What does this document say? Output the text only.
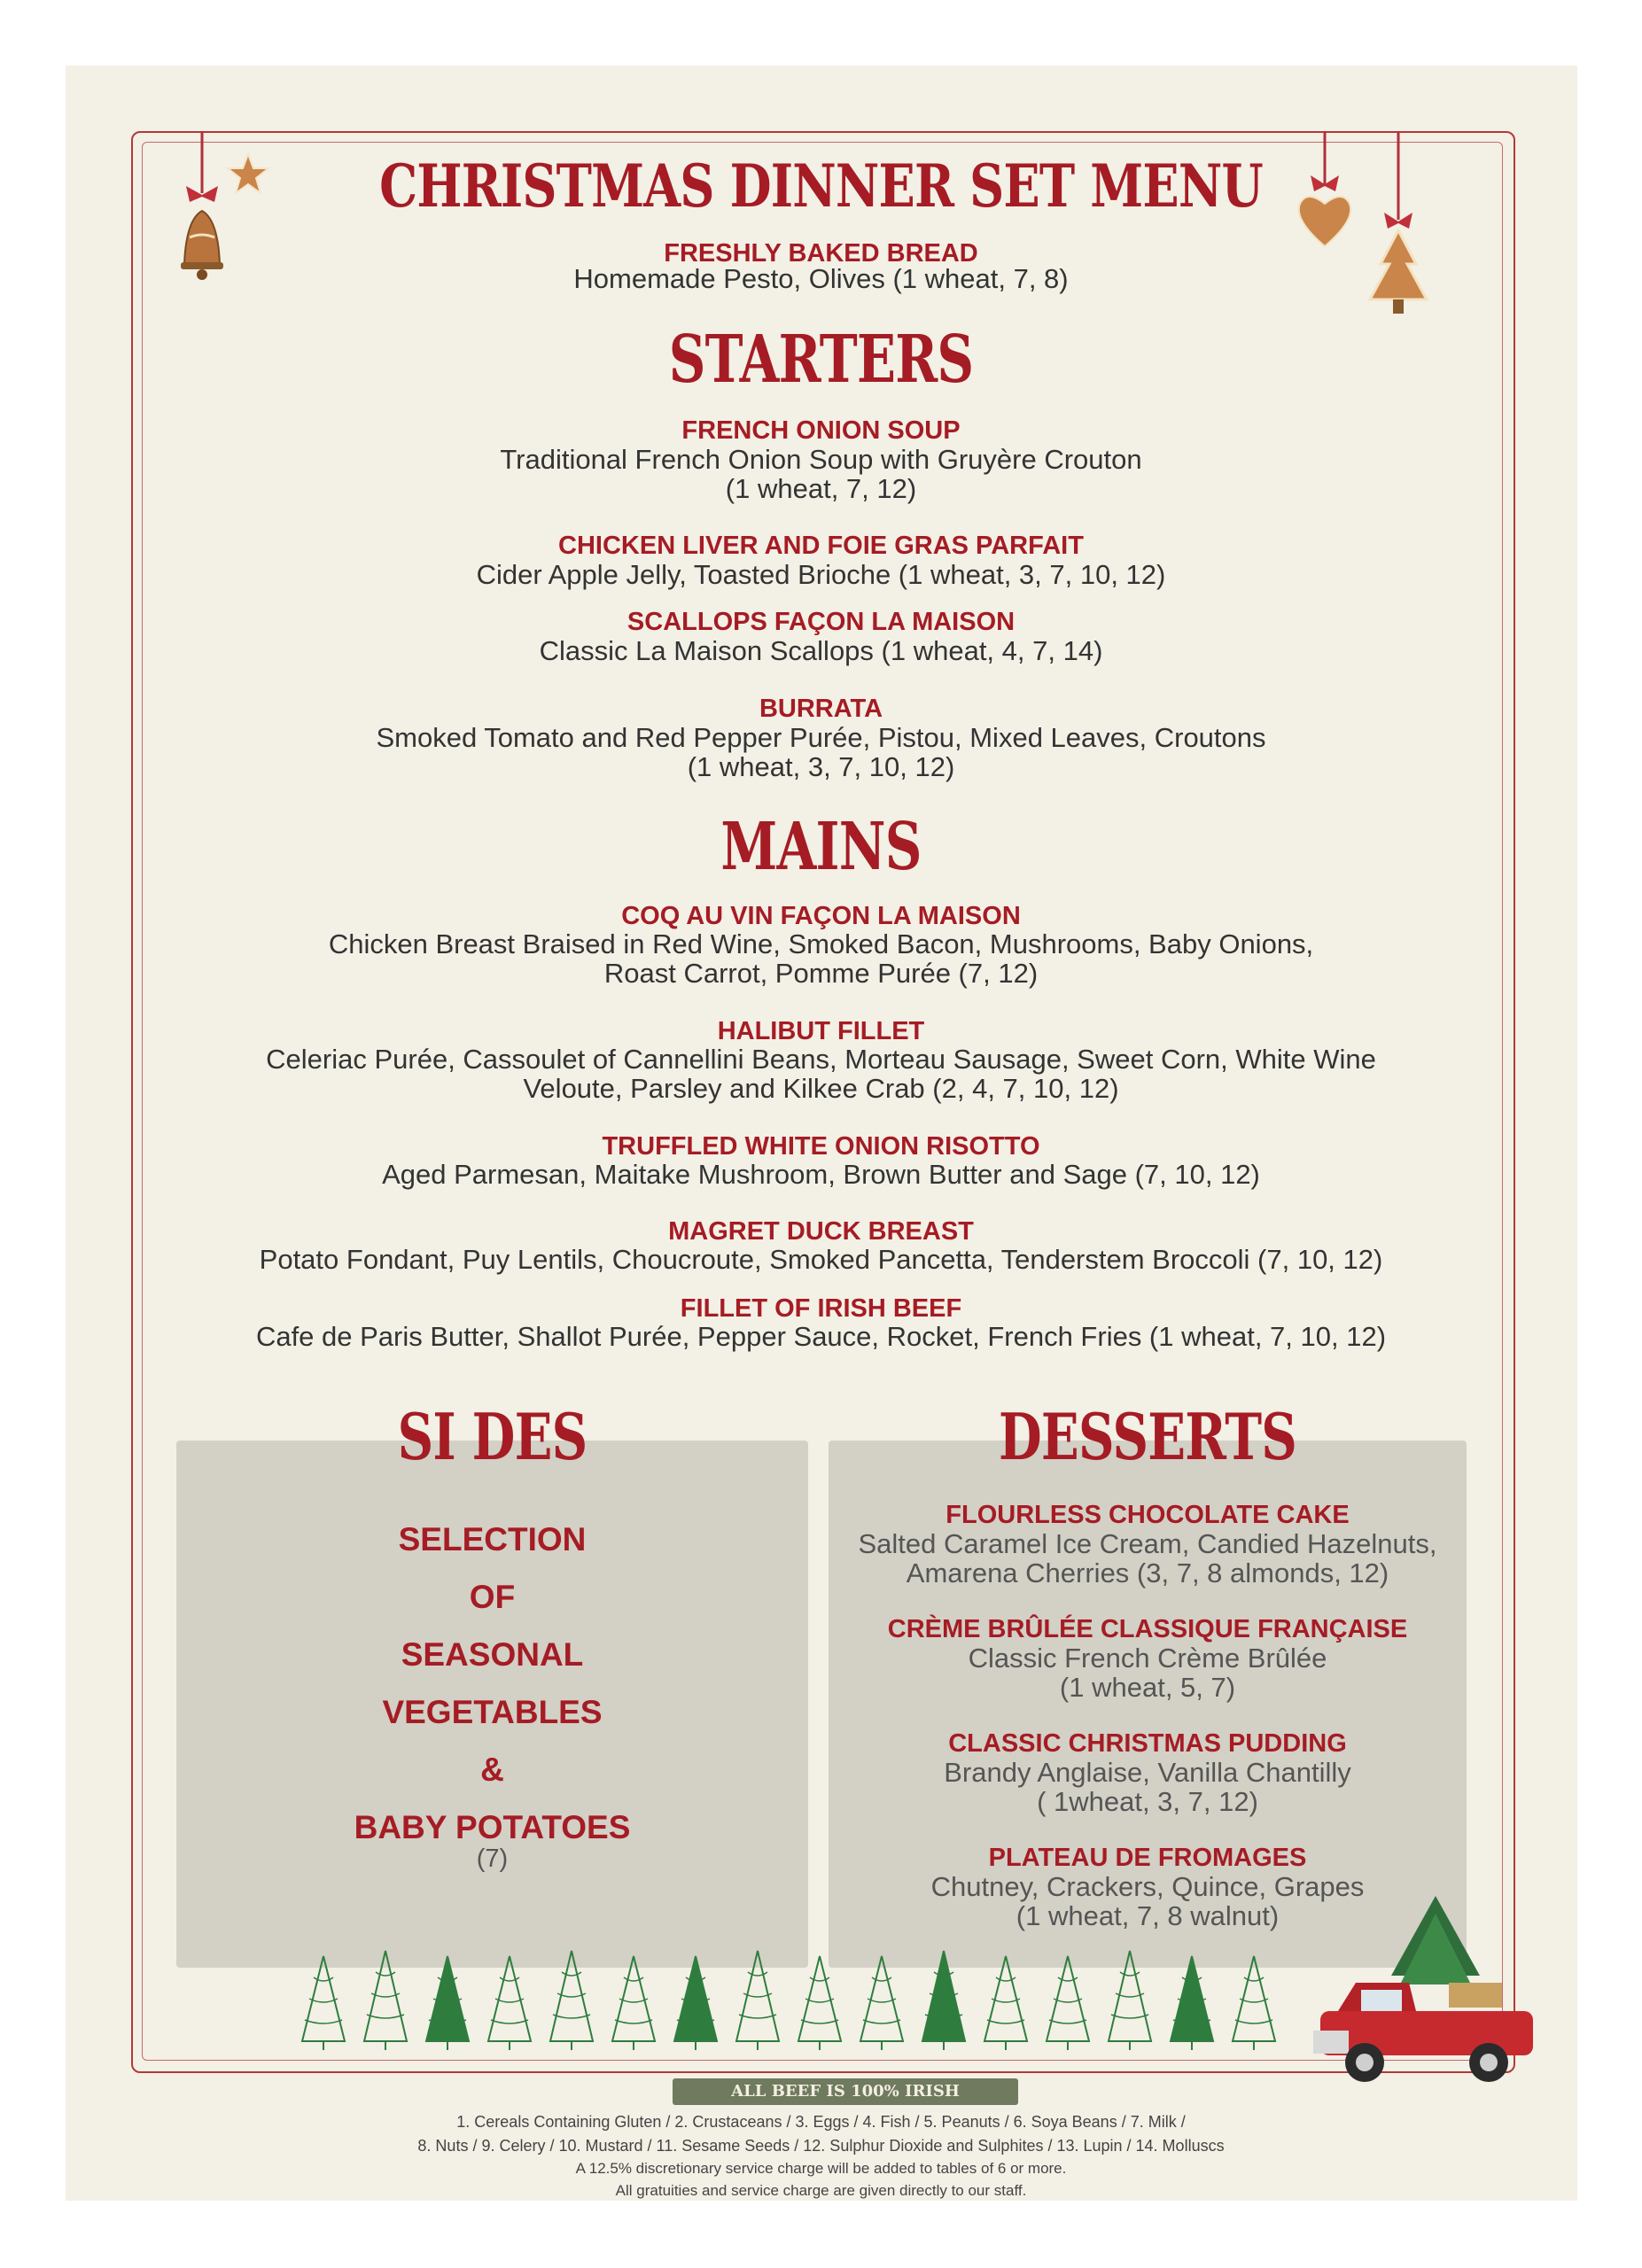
CHRISTMAS DINNER SET MENU
FRESHLY BAKED BREAD
Homemade Pesto, Olives (1 wheat, 7, 8)
STARTERS
FRENCH ONION SOUP
Traditional French Onion Soup with Gruyère Crouton
(1 wheat, 7, 12)
CHICKEN LIVER AND FOIE GRAS PARFAIT
Cider Apple Jelly, Toasted Brioche (1 wheat, 3, 7, 10, 12)
SCALLOPS FAÇON LA MAISON
Classic La Maison Scallops (1 wheat, 4, 7, 14)
BURRATA
Smoked Tomato and Red Pepper Purée, Pistou, Mixed Leaves, Croutons
(1 wheat, 3, 7, 10, 12)
MAINS
COQ AU VIN FAÇON LA MAISON
Chicken Breast Braised in Red Wine, Smoked Bacon, Mushrooms, Baby Onions,
Roast Carrot, Pomme Purée (7, 12)
HALIBUT FILLET
Celeriac Purée, Cassoulet of Cannellini Beans, Morteau Sausage, Sweet Corn, White Wine
Veloute, Parsley and Kilkee Crab (2, 4, 7, 10, 12)
TRUFFLED WHITE ONION RISOTTO
Aged Parmesan, Maitake Mushroom, Brown Butter and Sage (7, 10, 12)
MAGRET DUCK BREAST
Potato Fondant, Puy Lentils, Choucroute, Smoked Pancetta, Tenderstem Broccoli (7, 10, 12)
FILLET OF IRISH BEEF
Cafe de Paris Butter, Shallot Purée, Pepper Sauce, Rocket, French Fries (1 wheat, 7, 10, 12)
SI DES
SELECTION
OF
SEASONAL
VEGETABLES
&
BABY POTATOES
(7)
DESSERTS
FLOURLESS CHOCOLATE CAKE
Salted Caramel Ice Cream, Candied Hazelnuts,
Amarena Cherries (3, 7, 8 almonds, 12)
CRÈME BRÛLÉE CLASSIQUE FRANÇAISE
Classic French Crème Brûlée
(1 wheat, 5, 7)
CLASSIC CHRISTMAS PUDDING
Brandy Anglaise, Vanilla Chantilly
( 1wheat, 3, 7, 12)
PLATEAU DE FROMAGES
Chutney, Crackers, Quince, Grapes
(1 wheat, 7, 8 walnut)
ALL BEEF IS 100% IRISH
1. Cereals Containing Gluten / 2. Crustaceans / 3. Eggs / 4. Fish / 5. Peanuts / 6. Soya Beans / 7. Milk /
8. Nuts / 9. Celery / 10. Mustard / 11. Sesame Seeds / 12. Sulphur Dioxide and Sulphites / 13. Lupin / 14. Molluscs
A 12.5% discretionary service charge will be added to tables of 6 or more.
All gratuities and service charge are given directly to our staff.
